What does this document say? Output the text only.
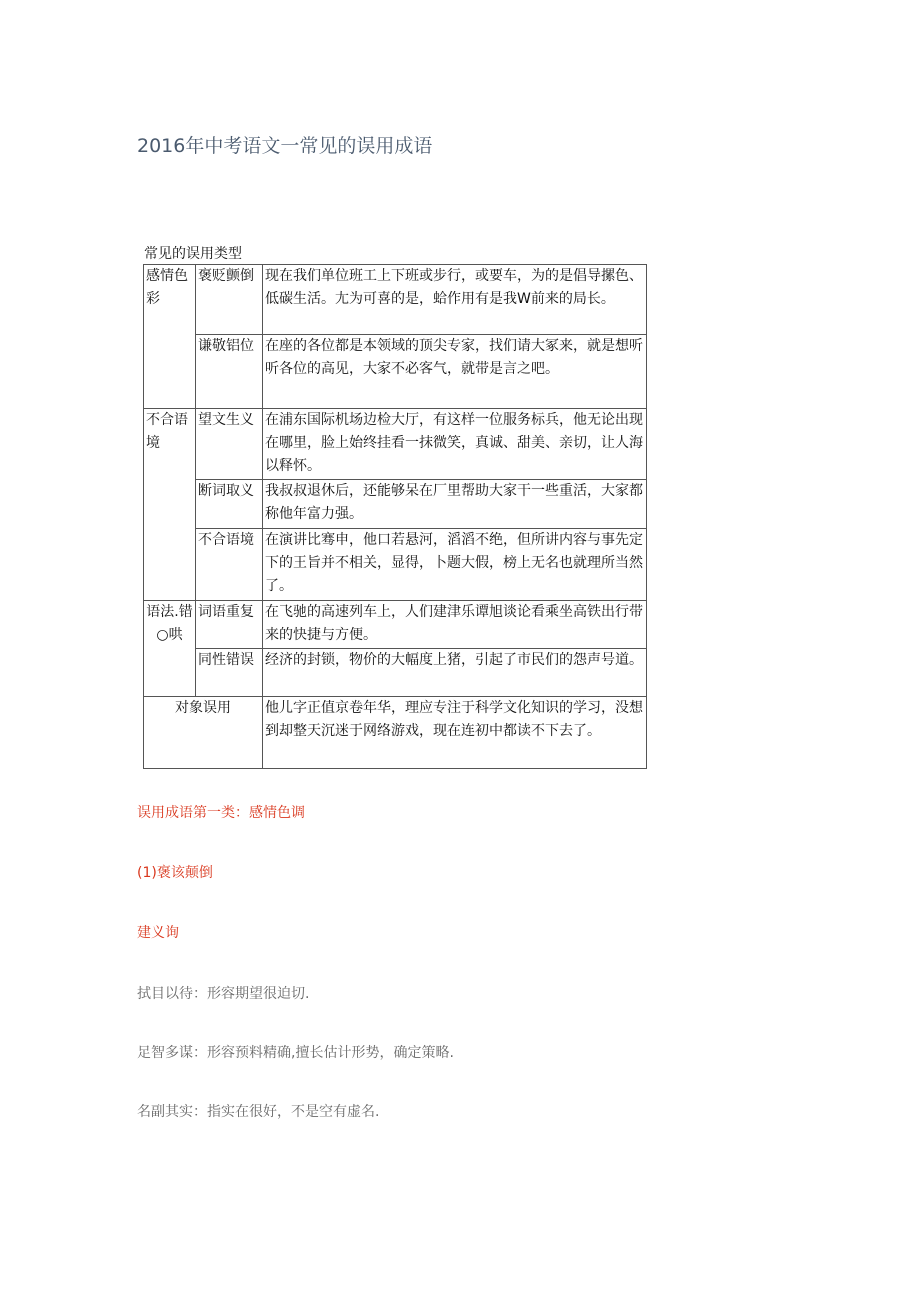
2016年中考语文一常见的误用成语
常见的误用类型
感情色彩	褒贬颤倒	现在我们单位班工上下班或步行，或要车，为的是倡导摞色、低碳生活。尢为可喜的是，蛤作用有是我W前来的局长。
	谦敬铝位	在座的各位都是本领域的顶尖专家，找们请大冢来，就是想听听各位的高见，大家不必客气，就带是言之吧。
不合语境	望文生义	在浦东国际机场边检大厅，有这样一位服务标兵，他无论出现在哪里，脸上始终挂看一抹微笑，真诚、甜美、亲切，让人海以释怀。
	断词取义	我叔叔退休后，还能够呆在厂里帮助大家干一些重活，大家都称他年富力强。
	不合语境	在演讲比骞申，他口若悬河，滔滔不绝，但所讲内容与事先定下的王旨并不相关，显得，卜题大假，榜上无名也就理所当然了。
语法.错○哄	词语重复	在飞驰的高速列车上，人们建津乐谭旭谈论看乘坐高铁出行带来的快捷与方便。
	同性错误	经济的封锁，物价的大幅度上猪，引起了市民们的怨声号道。
对象误用		他儿字正值京卷年华，理应专注于科学文化知识的学习，没想到却整天沉迷于网络游戏，现在连初中都读不下去了。
误用成语第一类：感情色调
(1)褒该颠倒
建义询
拭目以待：形容期望很迫切.
足智多谋：形容预料精确,擅长估计形势，确定策略.
名副其实：指实在很好，不是空有虚名.
